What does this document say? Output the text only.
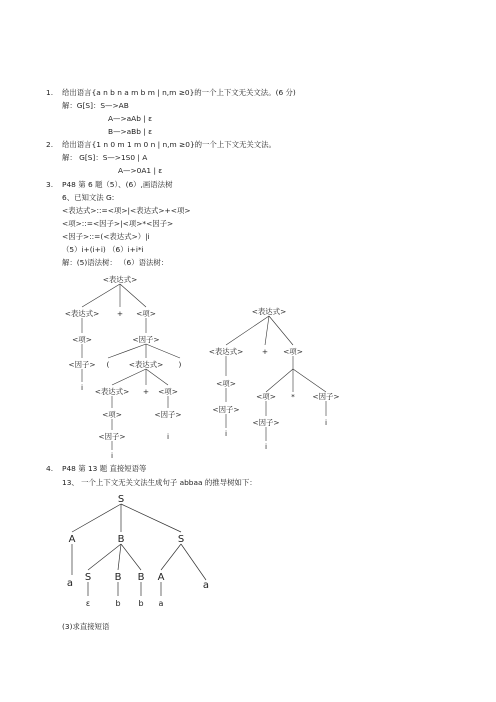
1. 给出语言{a n b n a m b m | n,m ≥0}的一个上下文无关文法。(6 分)
解：G[S]：S—>AB
A—>aAb | ε
B—>aBb | ε
2. 给出语言{1 n 0 m 1 m 0 n | n,m ≥0}的一个上下文无关文法。
解： G[S]：S—>1S0 | A
A—>0A1 | ε
3. P48 第 6 题（5）、(6）,画语法树
6、已知文法 G:
<表达式>::=<项>|<表达式>+<项>
<项>::=<因子>|<项>*<因子>
<因子>::=(<表达式>）|i
（5）i+(i+i) （6）i+i*i
解：(5)语法树： （6）语法树：
<表达式>
<表达式> + <项>
<项>	<因子>
<因子> (	<表达式> )
i <表达式> + <项>
<项>	<因子>
<因子>	i
i
<表达式>
<表达式>	+ <项>
<项>
<项> * <因子>
<因子>
<因子>	i
i
i
S
A	B	S
a
S B B A
a
ε	b b a
4. P48 第 13 题 直接短语等
13、 一个上下文无关文法生成句子 abbaa 的推导树如下：
(3)求直接短语
